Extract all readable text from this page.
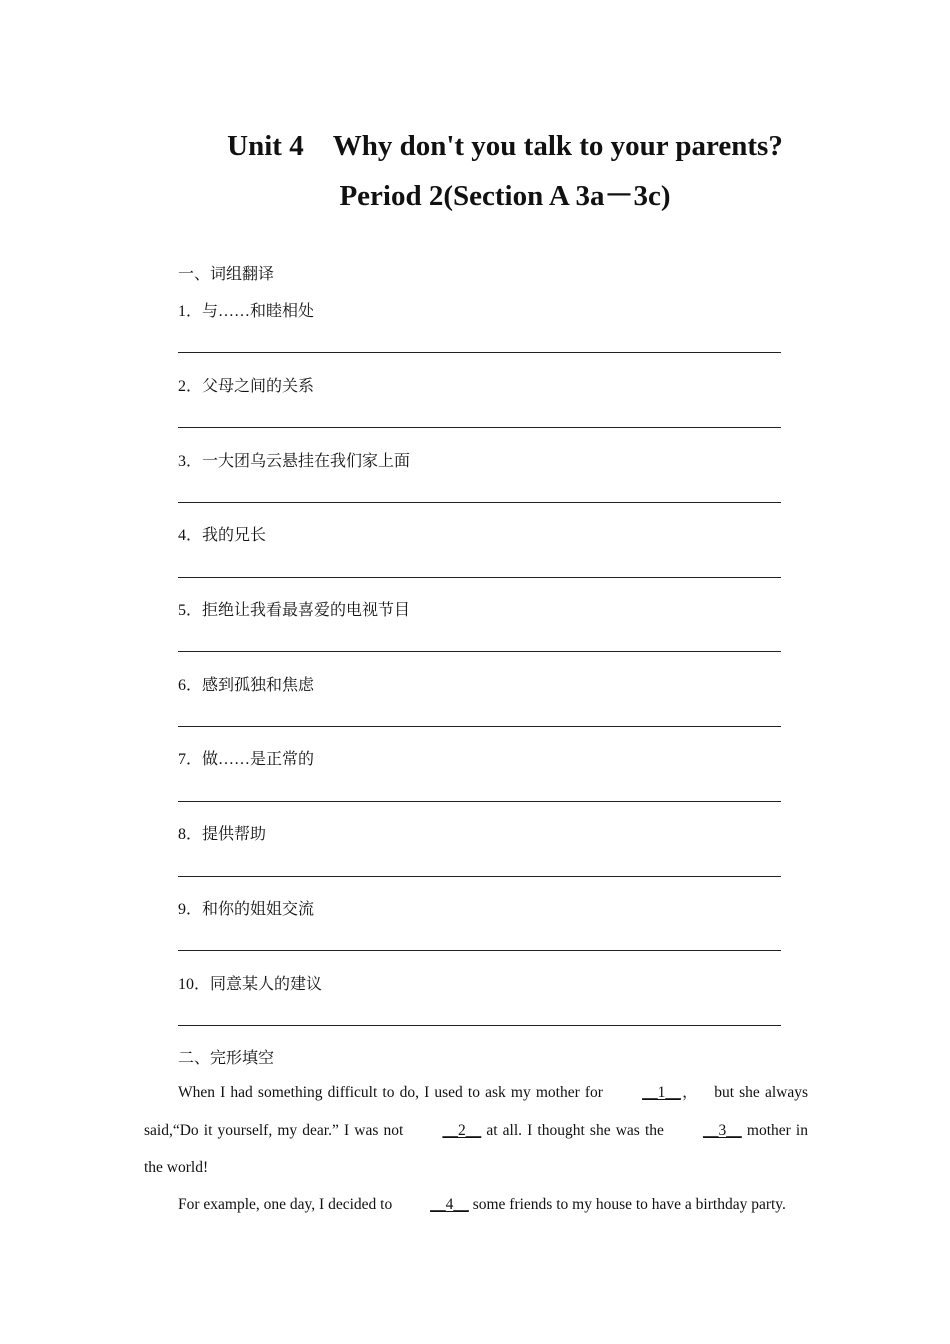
Unit 4　Why don't you talk to your parents?
Period 2(Section A 3a－3c)
一、词组翻译
1．与……和睦相处
2．父母之间的关系
3．一大团乌云悬挂在我们家上面
4．我的兄长
5．拒绝让我看最喜爱的电视节目
6．感到孤独和焦虑
7．做……是正常的
8．提供帮助
9．和你的姐姐交流
10．同意某人的建议
二、完形填空
When I had something difficult to do, I used to ask my mother for __1__，   but she always said,“Do it yourself, my dear.” I was not __2__ at all. I thought she was the __3__ mother in the world!
For example, one day, I decided to __4__ some friends to my house to have a birthday party.
